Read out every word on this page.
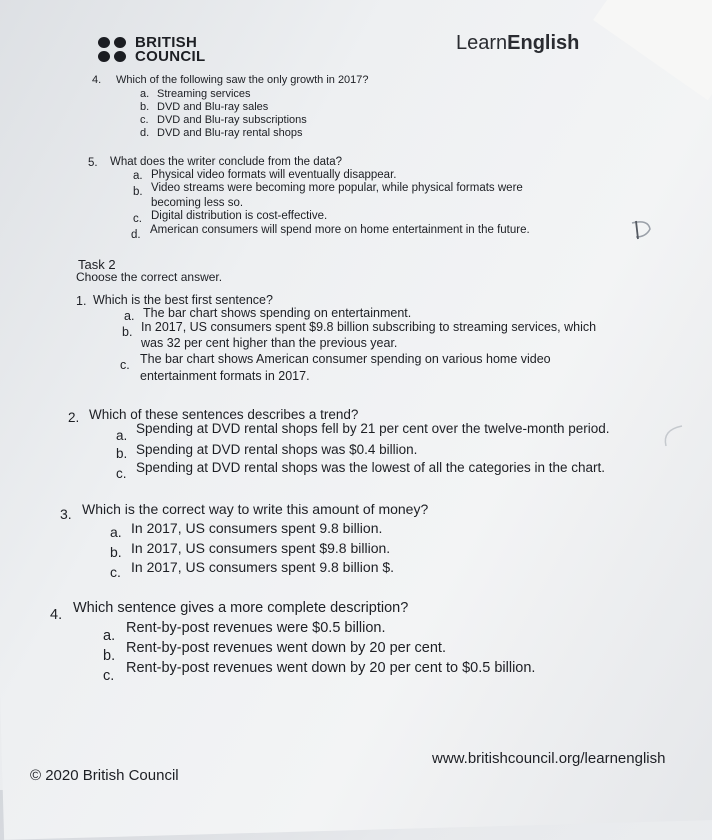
BRITISH
COUNCIL
LearnEnglish
4. Which of the following saw the only growth in 2017?
a. Streaming services
b. DVD and Blu-ray sales
c. DVD and Blu-ray subscriptions
d. DVD and Blu-ray rental shops
5. What does the writer conclude from the data?
a. Physical video formats will eventually disappear.
b. Video streams were becoming more popular, while physical formats were
becoming less so.
c. Digital distribution is cost-effective.
d. American consumers will spend more on home entertainment in the future.
Task 2
Choose the correct answer.
1. Which is the best first sentence?
a. The bar chart shows spending on entertainment.
b. In 2017, US consumers spent $9.8 billion subscribing to streaming services, which
was 32 per cent higher than the previous year.
c. The bar chart shows American consumer spending on various home video
entertainment formats in 2017.
2. Which of these sentences describes a trend?
a. Spending at DVD rental shops fell by 21 per cent over the twelve-month period.
b. Spending at DVD rental shops was $0.4 billion.
c. Spending at DVD rental shops was the lowest of all the categories in the chart.
3. Which is the correct way to write this amount of money?
a. In 2017, US consumers spent 9.8 billion.
b. In 2017, US consumers spent $9.8 billion.
c. In 2017, US consumers spent 9.8 billion $.
4. Which sentence gives a more complete description?
a. Rent-by-post revenues were $0.5 billion.
b. Rent-by-post revenues went down by 20 per cent.
c. Rent-by-post revenues went down by 20 per cent to $0.5 billion.
© 2020 British Council
www.britishcouncil.org/learnenglish
